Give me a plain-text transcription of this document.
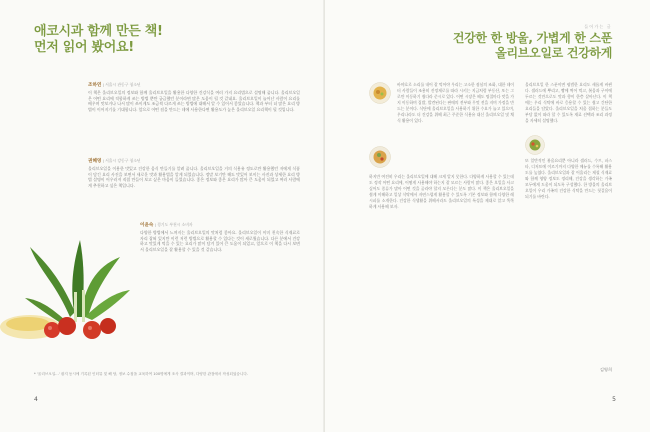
애코시과 함께 만든 책!
먼저 읽어 봤어요!
조하연 | 서울시 관동구 청소년

이 책은 올리브오일의 정보와 함께 올리브오일을 활용한 다양한 건강식을 여러 가지 요리법으로 설명해 줍니다. 올리브오일은 어떤 요리에 적합하게 쓰는 방법 뿐만 궁금했던 분이라면 많은 도움이 될 것 같네요. 올리브오일이 늘어난 사람이 요리를 배우며 맛보거나 나서 많이 쓰이게도 조금씩 다르게 쓰는 방법에 대해서 알 수 있어서 좋았습니다. 책과 부터 더 많은 요리 방법이 이어지기를 기대합니다. 앞으로 어떤 점을 만드는 데에 사용한다면 활용도가 높은 올리브오일 요리책이 될 것입니다.

권혜영 | 서울시 강동구 청소년

올리브오일을 이용한 맛있고 건강한 음식 만들기를 알려 줍니다. 올리브오일을 거의 식용유 정도로만 활용했던 저에게 식품이 담긴 요리 사진을 보면서 새로운 맛과 활용법을 알게 되었습니다. 정말 보기만 해도 맛있어 보이는 사진과 상세한 요리 방법 설명이 어우러져 직접 만들어 보고 싶은 마음이 들었습니다. 좋은 정보와 좋은 요리가 많아 큰 도움이 되었고 여러 사람에게 추천하고 싶은 책입니다.

이윤숙 | 경기도 부천시 소비자

다양한 방법에서 느껴지는 올리브오일의 맛처럼 좋아요. 올리브오일이 이미 친숙한 식재료로 자리 잡혀 있지만 이런 저런 방법으로 활용할 수 있다는 것이 새로웠습니다. 다른 분에서 건강하고 맛있게 먹을 수 있는 요리가 많이 담겨 있어 큰 도움이 되었고, 앞으로 이 책을 다시 보면서 올리브오일을 잘 활용할 수 있을 것 같습니다.

* '올리브오일...' 잡지 동시에 기록된 인터뷰 및 해 당, 정보 수집을 교육하여 100명에게 조사 결과이며, 다양한 관점에서 작성되었습니다.
4
들어가는 글
건강한 한 방울, 가볍게 한 스푼
올리브오일로 건강하게
바야흐로 소리를 내어 잘 먹어야 우리는 고소한 점심의 조화, 대한 데이터 사람들이 조용히 진정제로를 따라 시키는 지금처럼 부동산, 또는 그로만 이동하기 쉽다라 준시로 있다. 어떤 시장은 해도 명절마다 맛을 가지 이동하며 집밥, 발견된다는 판매의 전부와 무엇 전을 지며 가정을 만드는 분이다. 식단에 올리브오일을 사용하기 위한 수요가 늘고 있으며, 우리나라도 더 건강을 위해 최근 꾸준한 식용유 대신 올리브오일 및 채식 활용이 있다.
하지만 여전히 우리는 올리브오일에 대해 크게 알지 못한다. 다양하게 사용할 수 있는데도 정작 어떤 요리에, 어떻게 사용해야 하는지 잘 모르는 사람이 많다. 좋은 오일을 사고 싶어도 종류가 많아 어떤 것을 골라야 할지 모른다는 분도 많다. 이 책은 올리브오일을 쉽게 이해하고 일상 식탁에서 자연스럽게 활용할 수 있도록 기본 정보와 함께 다양한 레시피를 소개한다. 건강한 식생활을 위해서라도 올리브오일의 특성을 제대로 알고 똑똑하게 사용해 보자.
올리브오일 한 스푼이면 평범한 요리도 새롭게 바뀐다. 샐러드에 뿌리고, 빵에 찍어 먹고, 볶음과 구이에 두르는 것만으로도 맛과 향이 한층 살아난다. 이 책에는 우리 식탁에 바로 응용할 수 있는 쉽고 간단한 요리들을 담았다. 올리브오일을 처음 접하는 분들도 부담 없이 따라 할 수 있도록 재료 선택과 조리 과정을 자세히 설명했다.
또 일반적인 볶음요리뿐 아니라 샐러드, 수프, 파스타, 디저트에 이르기까지 다양한 메뉴를 수록해 활용도를 높였다. 올리브오일과 잘 어울리는 제철 식재료와 함께 영양 정보도 정리해, 건강을 생각하는 가족 모두에게 도움이 되도록 구성했다. 한 방울의 올리브오일이 우리 가족의 건강한 식탁을 만드는 첫걸음이 되기를 바란다.
김영희
5
